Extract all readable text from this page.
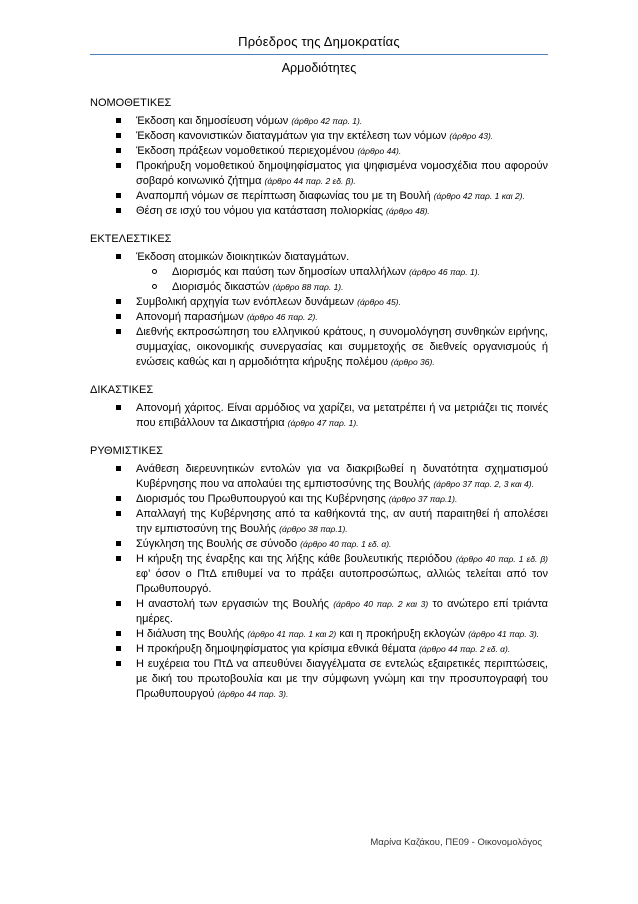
Πρόεδρος της Δημοκρατίας
Αρμοδιότητες
ΝΟΜΟΘΕΤΙΚΕΣ
Έκδοση και δημοσίευση νόμων (άρθρο 42 παρ. 1).
Έκδοση κανονιστικών διαταγμάτων για την εκτέλεση των νόμων (άρθρο 43).
Έκδοση πράξεων νομοθετικού περιεχομένου (άρθρο 44).
Προκήρυξη νομοθετικού δημοψηφίσματος για ψηφισμένα νομοσχέδια που αφορούν σοβαρό κοινωνικό ζήτημα (άρθρο 44 παρ. 2 εδ. β).
Αναπομπή νόμων σε περίπτωση διαφωνίας του με τη Βουλή (άρθρο 42 παρ. 1 και 2).
Θέση σε ισχύ του νόμου για κατάσταση πολιορκίας (άρθρο 48).
ΕΚΤΕΛΕΣΤΙΚΕΣ
Έκδοση ατομικών διοικητικών διαταγμάτων.
Διορισμός και παύση των δημοσίων υπαλλήλων (άρθρο 46 παρ. 1).
Διορισμός δικαστών (άρθρο 88 παρ. 1).
Συμβολική αρχηγία των ενόπλεων δυνάμεων (άρθρο 45).
Απονομή παρασήμων (άρθρο 46 παρ. 2).
Διεθνής εκπροσώπηση του ελληνικού κράτους, η συνομολόγηση συνθηκών ειρήνης, συμμαχίας, οικονομικής συνεργασίας και συμμετοχής σε διεθνείς οργανισμούς ή ενώσεις καθώς και η αρμοδιότητα κήρυξης πολέμου (άρθρο 36).
ΔΙΚΑΣΤΙΚΕΣ
Απονομή χάριτος. Είναι αρμόδιος να χαρίζει, να μετατρέπει ή να μετριάζει τις ποινές που επιβάλλουν τα Δικαστήρια (άρθρο 47 παρ. 1).
ΡΥΘΜΙΣΤΙΚΕΣ
Ανάθεση διερευνητικών εντολών για να διακριβωθεί η δυνατότητα σχηματισμού Κυβέρνησης που να απολαύει της εμπιστοσύνης της Βουλής (άρθρο 37 παρ. 2, 3 και 4).
Διορισμός του Πρωθυπουργού και της Κυβέρνησης (άρθρο 37 παρ.1).
Απαλλαγή της Κυβέρνησης από τα καθήκοντά της, αν αυτή παραιτηθεί ή απολέσει την εμπιστοσύνη της Βουλής (άρθρο 38 παρ.1).
Σύγκληση της Βουλής σε σύνοδο (άρθρο 40 παρ. 1 εδ. α).
Η κήρυξη της έναρξης και της λήξης κάθε βουλευτικής περιόδου (άρθρο 40 παρ. 1 εδ. β) εφ’ όσον ο ΠτΔ επιθυμεί να το πράξει αυτοπροσώπως, αλλιώς τελείται από τον Πρωθυπουργό.
Η αναστολή των εργασιών της Βουλής (άρθρο 40 παρ. 2 και 3) το ανώτερο επί τριάντα ημέρες.
Η διάλυση της Βουλής (άρθρο 41 παρ. 1 και 2) και η προκήρυξη εκλογών (άρθρο 41 παρ. 3).
Η προκήρυξη δημοψηφίσματος για κρίσιμα εθνικά θέματα (άρθρο 44 παρ. 2 εδ. α).
Η ευχέρεια του ΠτΔ να απευθύνει διαγγέλματα σε εντελώς εξαιρετικές περιπτώσεις, με δική του πρωτοβουλία και με την σύμφωνη γνώμη και την προσυπογραφή του Πρωθυπουργού (άρθρο 44 παρ. 3).
Μαρίνα Καζάκου, ΠΕ09 - Οικονομολόγος
